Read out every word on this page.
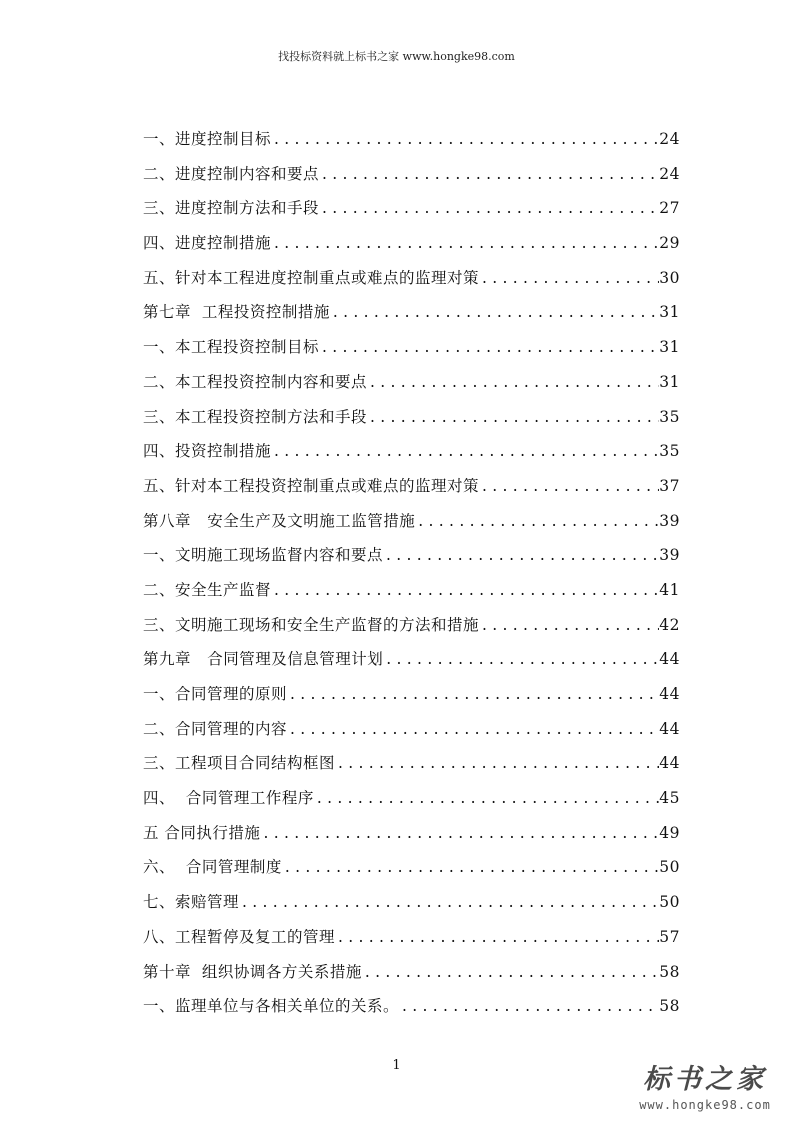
找投标资料就上标书之家 www.hongke98.com
一、进度控制目标 . . .	24
二、进度控制内容和要点 . . .	24
三、进度控制方法和手段 . . .	27
四、进度控制措施 . . .	29
五、针对本工程进度控制重点或难点的监理对策 . . .	30
第七章  工程投资控制措施 . . .	31
一、本工程投资控制目标 . . .	31
二、本工程投资控制内容和要点 . . .	31
三、本工程投资控制方法和手段 . . .	35
四、投资控制措施 . . .	35
五、针对本工程投资控制重点或难点的监理对策 . . .	37
第八章   安全生产及文明施工监管措施 . . .	39
一、文明施工现场监督内容和要点 . . .	39
二、安全生产监督 . . .	41
三、文明施工现场和安全生产监督的方法和措施 . . .	42
第九章   合同管理及信息管理计划 . . .	44
一、合同管理的原则 . . .	44
二、合同管理的内容 . . .	44
三、工程项目合同结构框图 . . .	44
四、  合同管理工作程序 . . .	45
五 合同执行措施 . . .	49
六、  合同管理制度 . . .	50
七、索赔管理 . . .	50
八、工程暂停及复工的管理 . . .	57
第十章  组织协调各方关系措施 . . .	58
一、监理单位与各相关单位的关系。 . . .	58
1	标书之家
www.hongke98.com
